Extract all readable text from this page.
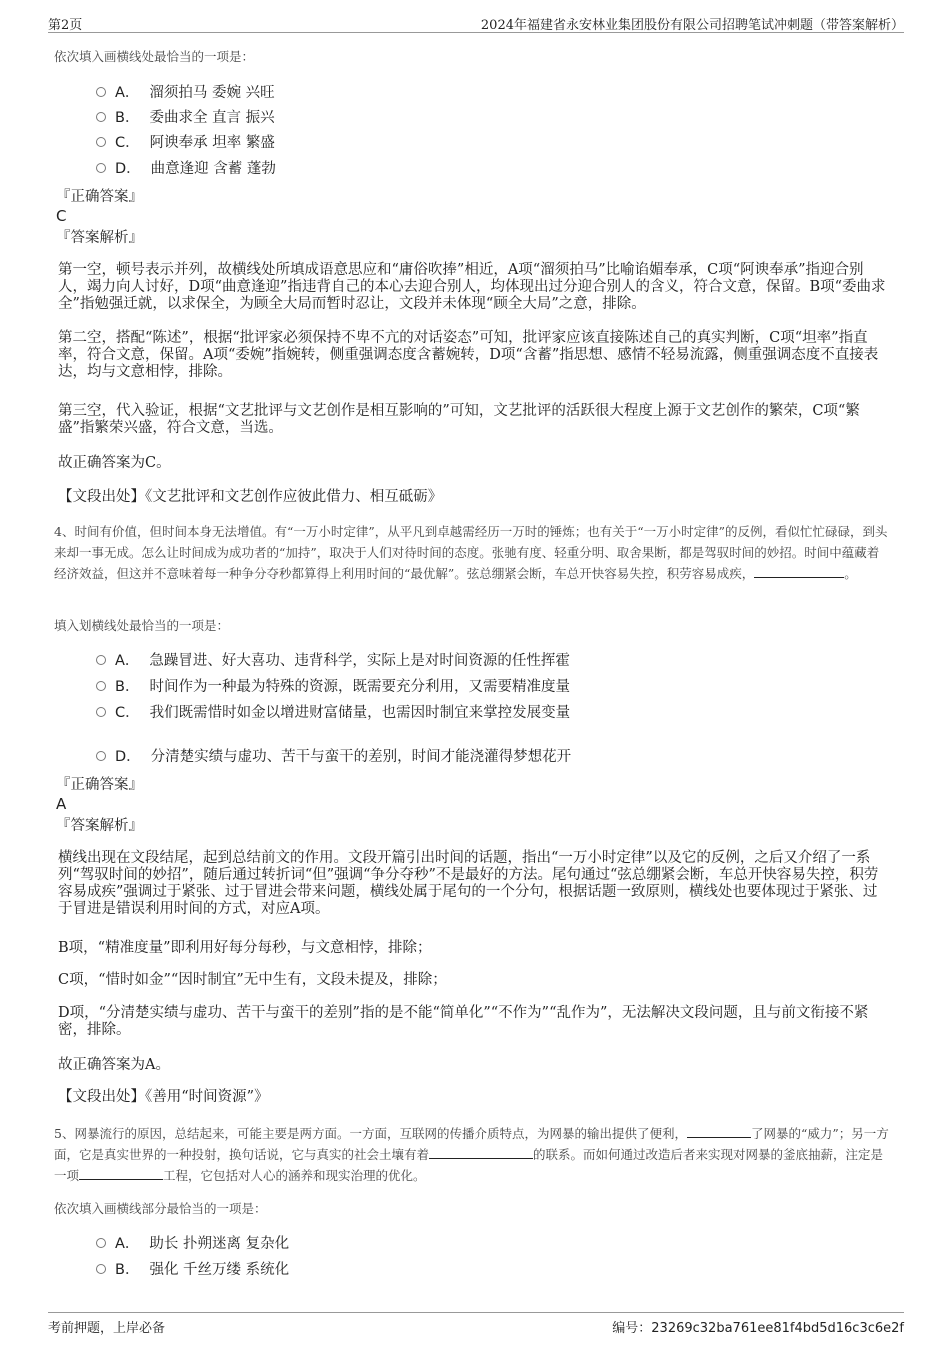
第2页	2024年福建省永安林业集团股份有限公司招聘笔试冲刺题（带答案解析）
依次填入画横线处最恰当的一项是：
A． 溜须拍马 委婉 兴旺
B． 委曲求全 直言 振兴
C． 阿谀奉承 坦率 繁盛
D． 曲意逢迎 含蓄 蓬勃
『正确答案』
C
『答案解析』
第一空，顿号表示并列，故横线处所填成语意思应和“庸俗吹捧”相近，A项“溜须拍马”比喻谄媚奉承，C项“阿谀奉承”指迎合别人，竭力向人讨好，D项“曲意逢迎”指违背自己的本心去迎合别人，均体现出过分迎合别人的含义，符合文意，保留。B项“委曲求全”指勉强迁就，以求保全，为顾全大局而暂时忍让，文段并未体现“顾全大局”之意，排除。
第二空，搭配“陈述”，根据“批评家必须保持不卑不亢的对话姿态”可知，批评家应该直接陈述自己的真实判断，C项“坦率”指直率，符合文意，保留。A项“委婉”指婉转，侧重强调态度含蓄婉转，D项“含蓄”指思想、感情不轻易流露，侧重强调态度不直接表达，均与文意相悖，排除。
第三空，代入验证，根据“文艺批评与文艺创作是相互影响的”可知，文艺批评的活跃很大程度上源于文艺创作的繁荣，C项“繁盛”指繁荣兴盛，符合文意，当选。
故正确答案为C。
【文段出处】《文艺批评和文艺创作应彼此借力、相互砥砺》
4、时间有价值，但时间本身无法增值。有“一万小时定律”，从平凡到卓越需经历一万时的锤炼；也有关于“一万小时定律”的反例，看似忙忙碌碌，到头来却一事无成。怎么让时间成为成功者的“加持”，取决于人们对待时间的态度。张驰有度、轻重分明、取舍果断，都是驾驭时间的妙招。时间中蕴藏着经济效益，但这并不意味着每一种争分夺秒都算得上利用时间的“最优解”。弦总绷紧会断，车总开快容易失控，积劳容易成疾，	。
填入划横线处最恰当的一项是：
A． 急躁冒进、好大喜功、违背科学，实际上是对时间资源的任性挥霍
B． 时间作为一种最为特殊的资源，既需要充分利用，又需要精准度量
C． 我们既需惜时如金以增进财富储量，也需因时制宜来掌控发展变量
D． 分清楚实绩与虚功、苦干与蛮干的差别，时间才能浇灌得梦想花开
『正确答案』
A
『答案解析』
横线出现在文段结尾，起到总结前文的作用。文段开篇引出时间的话题，指出“一万小时定律”以及它的反例，之后又介绍了一系列“驾驭时间的妙招”，随后通过转折词“但”强调“争分夺秒”不是最好的方法。尾句通过“弦总绷紧会断，车总开快容易失控，积劳容易成疾”强调过于紧张、过于冒进会带来问题，横线处属于尾句的一个分句，根据话题一致原则，横线处也要体现过于紧张、过于冒进是错误利用时间的方式，对应A项。
B项，“精准度量”即利用好每分每秒，与文意相悖，排除；
C项，“惜时如金”“因时制宜”无中生有，文段未提及，排除；
D项，“分清楚实绩与虚功、苦干与蛮干的差别”指的是不能“简单化”“不作为”“乱作为”，无法解决文段问题，且与前文衔接不紧密，排除。
故正确答案为A。
【文段出处】《善用“时间资源”》
5、网暴流行的原因，总结起来，可能主要是两方面。一方面，互联网的传播介质特点，为网暴的输出提供了便利，	了网暴的“威力”；另一方面，它是真实世界的一种投射，换句话说，它与真实的社会土壤有着	的联系。而如何通过改造后者来实现对网暴的釜底抽薪，注定是一项	工程，它包括对人心的涵养和现实治理的优化。
依次填入画横线部分最恰当的一项是：
A． 助长 扑朔迷离 复杂化
B． 强化 千丝万缕 系统化
考前押题，上岸必备	编号：23269c32ba761ee81f4bd5d16c3c6e2f
